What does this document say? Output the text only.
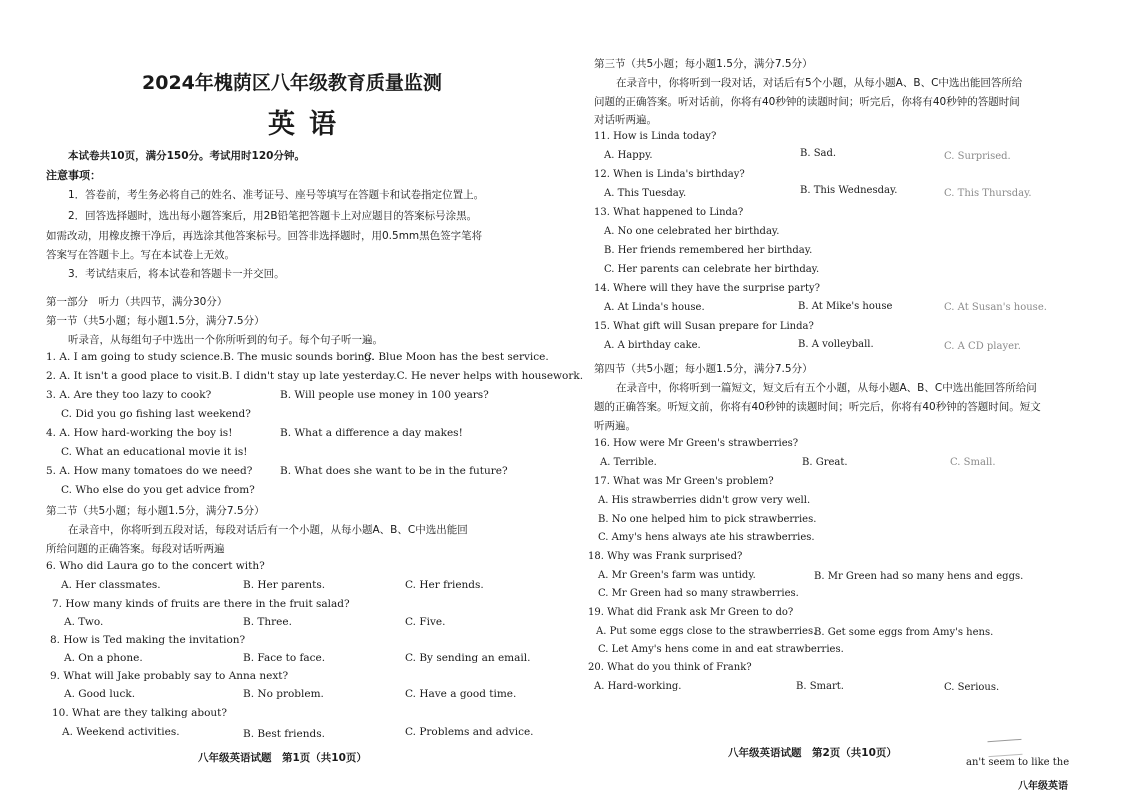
2024年槐荫区八年级教育质量监测
英语
本试卷共10页，满分150分。考试用时120分钟。
注意事项：
1．答卷前，考生务必将自己的姓名、准考证号、座号等填写在答题卡和试卷指定位置上。
2．回答选择题时，选出每小题答案后，用2B铅笔把答题卡上对应题目的答案标号涂黑。
如需改动，用橡皮擦干净后，再选涂其他答案标号。回答非选择题时，用0.5mm黑色签字笔将
答案写在答题卡上。写在本试卷上无效。
3．考试结束后，将本试卷和答题卡一并交回。
第一部分　听力（共四节，满分30分）
第一节（共5小题；每小题1.5分，满分7.5分）
听录音，从每组句子中选出一个你所听到的句子。每个句子听一遍。
1. A. I am going to study science.B. The music sounds boring.
C. Blue Moon has the best service.
2. A. It isn't a good place to visit.B. I didn't stay up late yesterday.C. He never helps with housework.
3. A. Are they too lazy to cook?	B. Will people use money in 100 years?
C. Did you go fishing last weekend?
4. A. How hard-working the boy is!	B. What a difference a day makes!
C. What an educational movie it is!
5. A. How many tomatoes do we need?	B. What does she want to be in the future?
C. Who else do you get advice from?
第二节（共5小题；每小题1.5分，满分7.5分）
在录音中，你将听到五段对话，每段对话后有一个小题，从每小题A、B、C中选出能回
所给问题的正确答案。每段对话听两遍
6. Who did Laura go to the concert with?
A. Her classmates.	B. Her parents.	C. Her friends.
7. How many kinds of fruits are there in the fruit salad?
A. Two.	B. Three.	C. Five.
8. How is Ted making the invitation?
A. On a phone.	B. Face to face.	C. By sending an email.
9. What will Jake probably say to Anna next?
A. Good luck.	B. No problem.	C. Have a good time.
10. What are they talking about?
A. Weekend activities.	B. Best friends.	C. Problems and advice.
八年级英语试题　第1页（共10页）
第三节（共5小题；每小题1.5分，满分7.5分）
在录音中，你将听到一段对话，对话后有5个小题，从每小题A、B、C中选出能回答所给
问题的正确答案。听对话前，你将有40秒钟的读题时间；听完后，你将有40秒钟的答题时间
对话听两遍。
11. How is Linda today?
A. Happy.	B. Sad.	C. Surprised.
12. When is Linda's birthday?
A. This Tuesday.	B. This Wednesday.	C. This Thursday.
13. What happened to Linda?
A. No one celebrated her birthday.
B. Her friends remembered her birthday.
C. Her parents can celebrate her birthday.
14. Where will they have the surprise party?
A. At Linda's house.	B. At Mike's house	C. At Susan's house.
15. What gift will Susan prepare for Linda?
A. A birthday cake.	B. A volleyball.	C. A CD player.
第四节（共5小题；每小题1.5分，满分7.5分）
在录音中，你将听到一篇短文，短文后有五个小题，从每小题A、B、C中选出能回答所给问
题的正确答案。听短文前，你将有40秒钟的读题时间；听完后，你将有40秒钟的答题时间。短文
听两遍。
16. How were Mr Green's strawberries?
A. Terrible.	B. Great.	C. Small.
17. What was Mr Green's problem?
A. His strawberries didn't grow very well.
B. No one helped him to pick strawberries.
C. Amy's hens always ate his strawberries.
18. Why was Frank surprised?
A. Mr Green's farm was untidy.	B. Mr Green had so many hens and eggs.
C. Mr Green had so many strawberries.
19. What did Frank ask Mr Green to do?
A. Put some eggs close to the strawberries.
B. Get some eggs from Amy's hens.
C. Let Amy's hens come in and eat strawberries.
20. What do you think of Frank?
A. Hard-working.	B. Smart.	C. Serious.
八年级英语试题　第2页（共10页）
an't seem to like the
八年级英语
